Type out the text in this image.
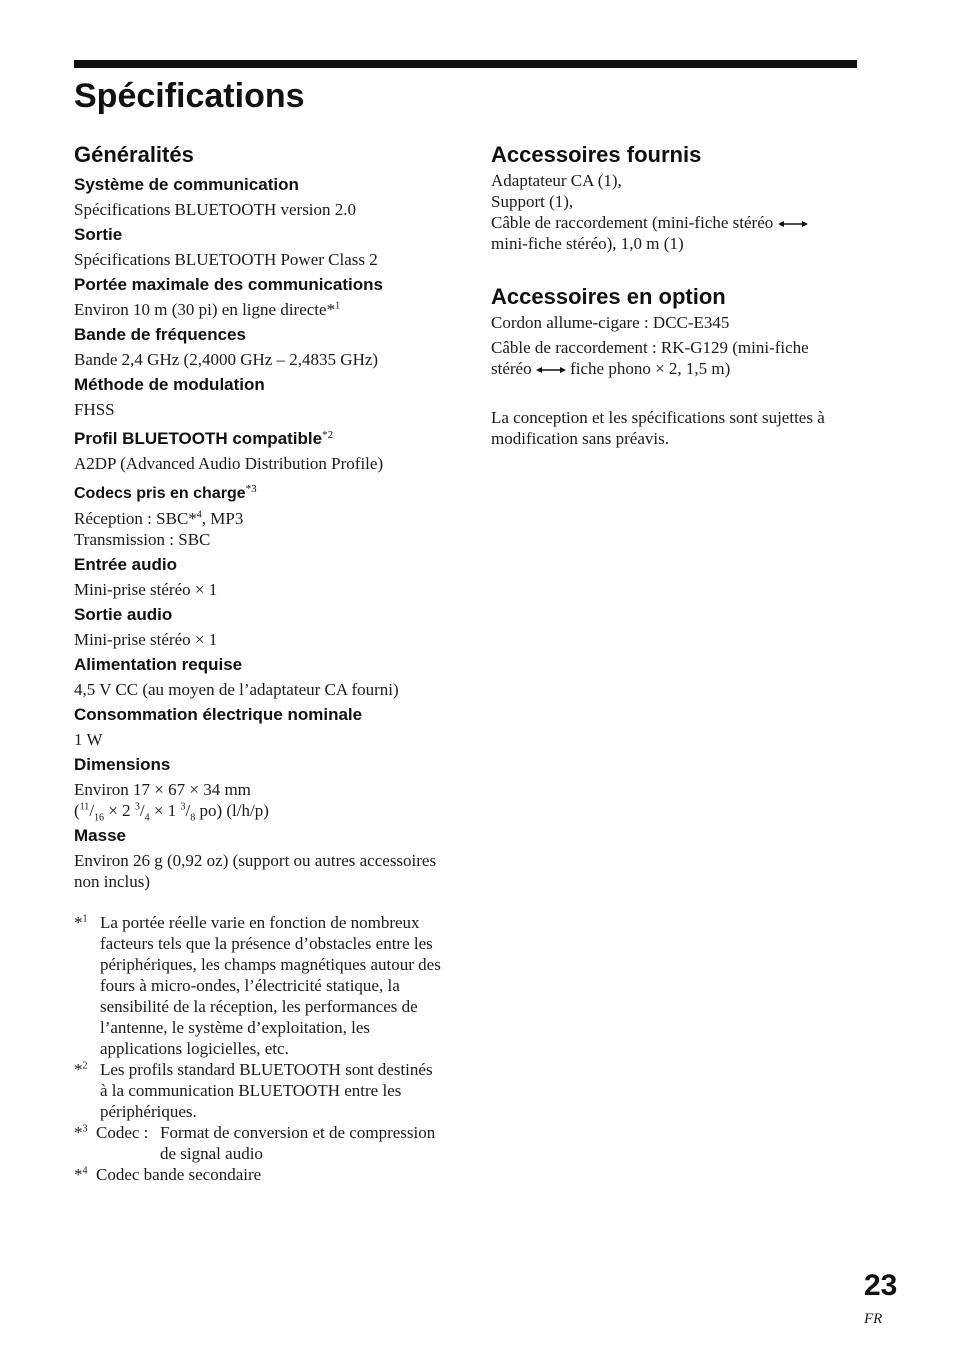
Spécifications
Généralités
Système de communication
Spécifications BLUETOOTH version 2.0
Sortie
Spécifications BLUETOOTH Power Class 2
Portée maximale des communications
Environ 10 m (30 pi) en ligne directe*$^1$
Bande de fréquences
Bande 2,4 GHz (2,4000 GHz – 2,4835 GHz)
Méthode de modulation
FHSS
Profil BLUETOOTH compatible$^{*2}$
A2DP (Advanced Audio Distribution Profile)
Codecs pris en charge$^{*3}$
Réception : SBC*$^4$, MP3
Transmission : SBC
Entrée audio
Mini-prise stéréo × 1
Sortie audio
Mini-prise stéréo × 1
Alimentation requise
4,5 V CC (au moyen de l’adaptateur CA fourni)
Consommation électrique nominale
1 W
Dimensions
Environ 17 × 67 × 34 mm
($^{11}/_{16} \times 2$ $^3/_4 \times 1$ $^3/_8$ po) (l/h/p)
Masse
Environ 26 g (0,92 oz) (support ou autres accessoires non inclus)
*$^1$ La portée réelle varie en fonction de nombreux facteurs tels que la présence d’obstacles entre les périphériques, les champs magnétiques autour des fours à micro-ondes, l’électricité statique, la sensibilité de la réception, les performances de l’antenne, le système d’exploitation, les applications logicielles, etc.
*$^2$ Les profils standard BLUETOOTH sont destinés à la communication BLUETOOTH entre les périphériques.
*$^3$ Codec : Format de conversion et de compression de signal audio
*$^4$ Codec bande secondaire
Accessoires fournis
Adaptateur CA (1),
Support (1),
Câble de raccordement (mini-fiche stéréo
mini-fiche stéréo), 1,0 m (1)
Accessoires en option
Cordon allume-cigare : DCC-E345
Câble de raccordement : RK-G129 (mini-fiche
stéréo fiche phono × 2, 1,5 m)
La conception et les spécifications sont sujettes à modification sans préavis.
23
FR
